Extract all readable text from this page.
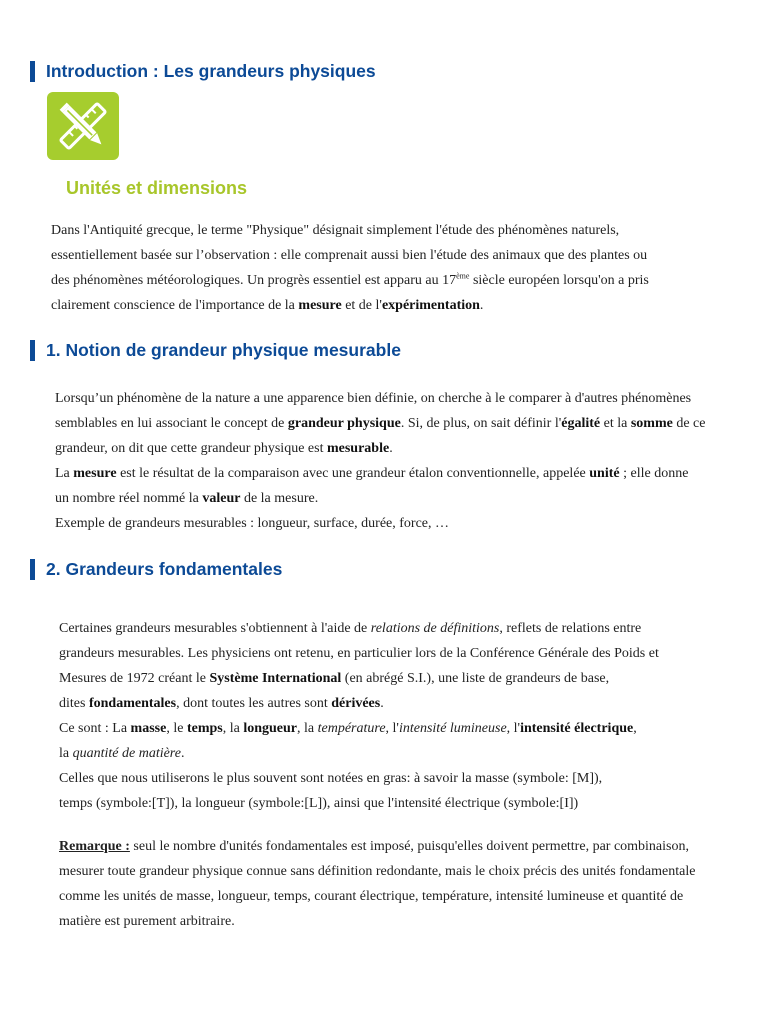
Introduction : Les grandeurs physiques
Unités et dimensions
Dans l'Antiquité grecque, le terme "Physique" désignait simplement l'étude des phénomènes naturels,
essentiellement basée sur l’observation : elle comprenait aussi bien l'étude des animaux que des plantes ou
des phénomènes météorologiques. Un progrès essentiel est apparu au 17ème siècle européen lorsqu'on a pris
clairement conscience de l'importance de la mesure et de l'expérimentation.
1. Notion de grandeur physique mesurable
Lorsqu’un phénomène de la nature a une apparence bien définie, on cherche à le comparer à d'autres phénomènes
semblables en lui associant le concept de grandeur physique. Si, de plus, on sait définir l'égalité et la somme de ce
grandeur, on dit que cette grandeur physique est mesurable.
La mesure est le résultat de la comparaison avec une grandeur étalon conventionnelle, appelée unité ; elle donne
un nombre réel nommé la valeur de la mesure.
Exemple de grandeurs mesurables : longueur, surface, durée, force, …
2. Grandeurs fondamentales
Certaines grandeurs mesurables s'obtiennent à l'aide de relations de définitions, reflets de relations entre
grandeurs mesurables. Les physiciens ont retenu, en particulier lors de la Conférence Générale des Poids et
Mesures de 1972 créant le Système International (en abrégé S.I.), une liste de grandeurs de base,
dites fondamentales, dont toutes les autres sont dérivées.
Ce sont : La masse, le temps, la longueur, la température, l'intensité lumineuse, l'intensité électrique,
la quantité de matière.
Celles que nous utiliserons le plus souvent sont notées en gras: à savoir la masse (symbole: [M]),
temps (symbole:[T]), la longueur (symbole:[L]), ainsi que l'intensité électrique (symbole:[I])
Remarque : seul le nombre d'unités fondamentales est imposé, puisqu'elles doivent permettre, par combinaison,
mesurer toute grandeur physique connue sans définition redondante, mais le choix précis des unités fondamentale
comme les unités de masse, longueur, temps, courant électrique, température, intensité lumineuse et quantité de
matière est purement arbitraire.
